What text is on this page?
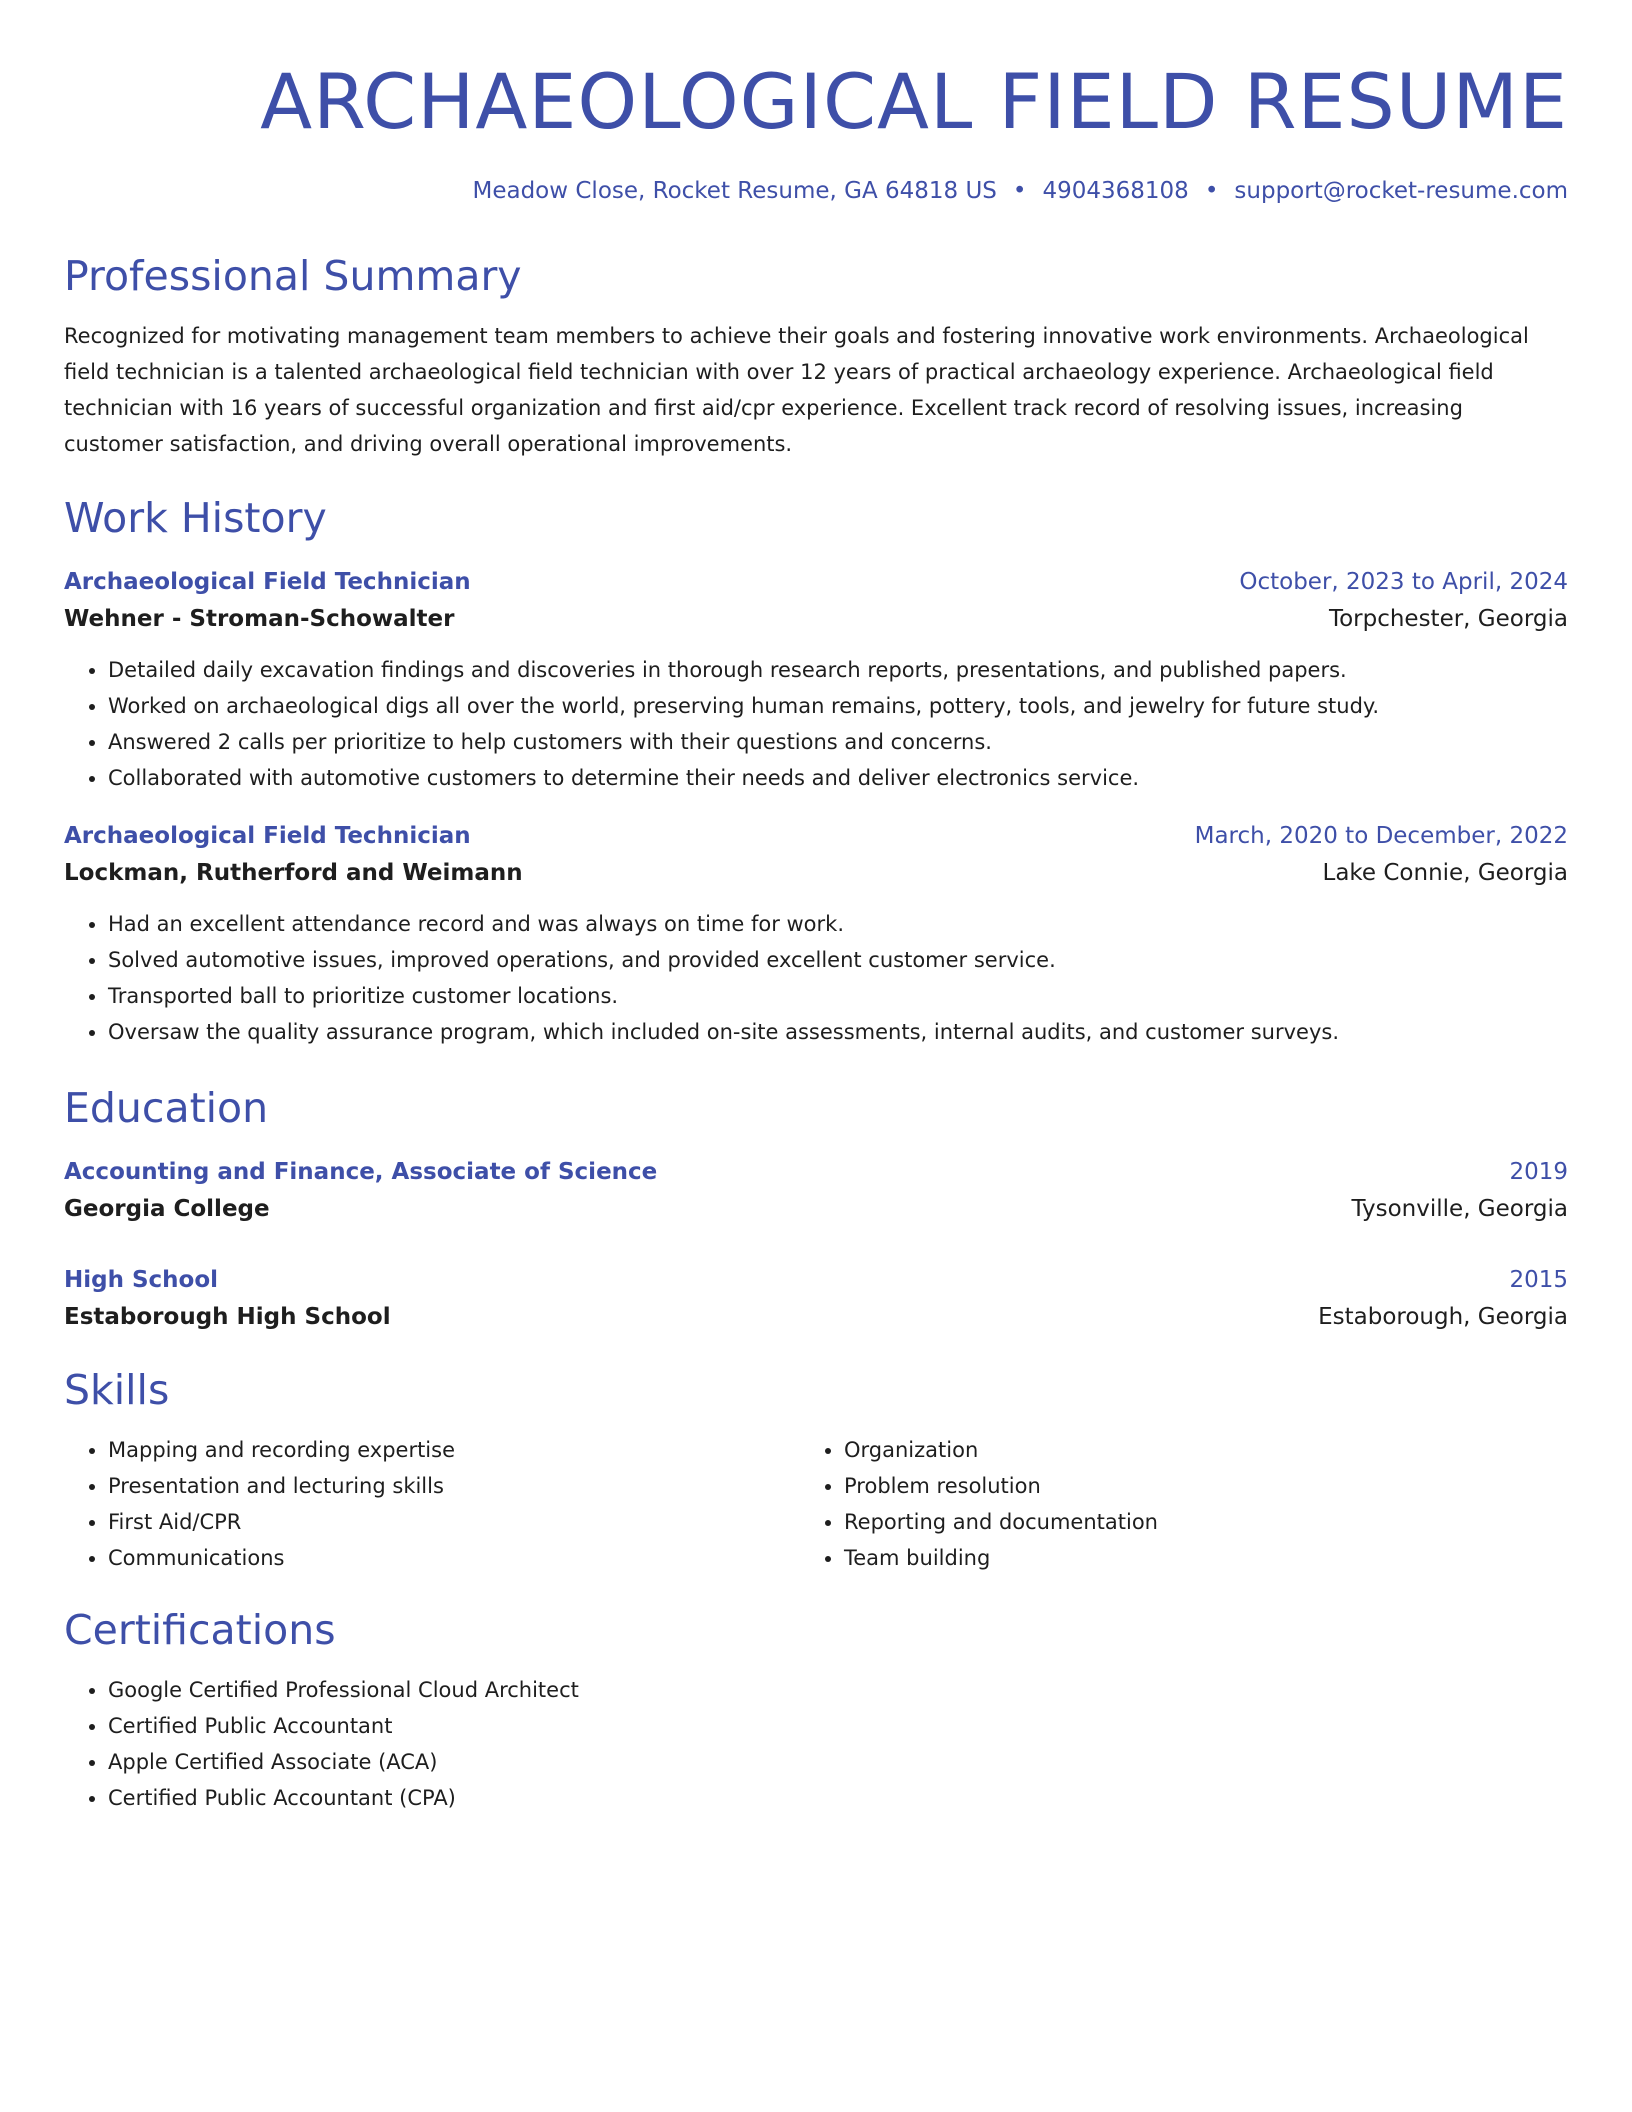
ARCHAEOLOGICAL FIELD RESUME
Meadow Close, Rocket Resume, GA 64818 US • 4904368108 • support@rocket-resume.com
Professional Summary
Recognized for motivating management team members to achieve their goals and fostering innovative work environments. Archaeological field technician is a talented archaeological field technician with over 12 years of practical archaeology experience. Archaeological field technician with 16 years of successful organization and first aid/cpr experience. Excellent track record of resolving issues, increasing customer satisfaction, and driving overall operational improvements.
Work History
Archaeological Field Technician	October, 2023 to April, 2024
Wehner - Stroman-Schowalter	Torpchester, Georgia
• Detailed daily excavation findings and discoveries in thorough research reports, presentations, and published papers.
• Worked on archaeological digs all over the world, preserving human remains, pottery, tools, and jewelry for future study.
• Answered 2 calls per prioritize to help customers with their questions and concerns.
• Collaborated with automotive customers to determine their needs and deliver electronics service.
Archaeological Field Technician	March, 2020 to December, 2022
Lockman, Rutherford and Weimann	Lake Connie, Georgia
• Had an excellent attendance record and was always on time for work.
• Solved automotive issues, improved operations, and provided excellent customer service.
• Transported ball to prioritize customer locations.
• Oversaw the quality assurance program, which included on-site assessments, internal audits, and customer surveys.
Education
Accounting and Finance, Associate of Science	2019
Georgia College	Tysonville, Georgia
High School	2015
Estaborough High School	Estaborough, Georgia
Skills
• Mapping and recording expertise
• Presentation and lecturing skills
• First Aid/CPR
• Communications
• Organization
• Problem resolution
• Reporting and documentation
• Team building
Certifications
• Google Certified Professional Cloud Architect
• Certified Public Accountant
• Apple Certified Associate (ACA)
• Certified Public Accountant (CPA)
